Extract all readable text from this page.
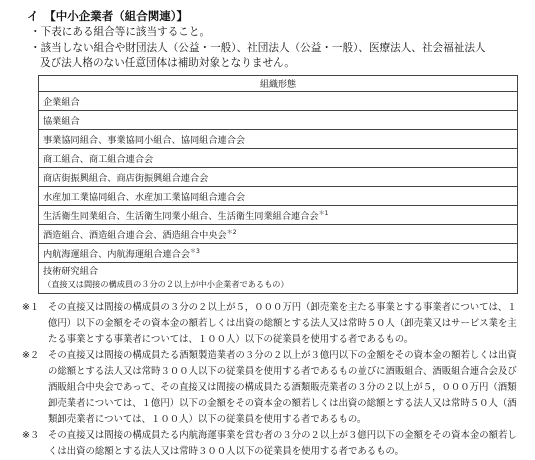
イ　【中小企業者（組合関連）】
・下表にある組合等に該当すること。
・該当しない組合や財団法人（公益・一般）、社団法人（公益・一般）、医療法人、社会福祉法人
及び法人格のない任意団体は補助対象となりません。
組織形態
企業組合
協業組合
事業協同組合、事業協同小組合、協同組合連合会
商工組合、商工組合連合会
商店街振興組合、商店街振興組合連合会
水産加工業協同組合、水産加工業協同組合連合会
生活衛生同業組合、生活衛生同業小組合、生活衛生同業組合連合会$^{*1}$
酒造組合、酒造組合連合会、酒造組合中央会$^{*2}$
内航海運組合、内航海運組合連合会$^{*3}$
技術研究組合
（直接又は間接の構成員の３分の２以上が中小企業者であるもの）
※１ その直接又は間接の構成員の３分の２以上が５，０００万円（卸売業を主たる事業とする事業者については、１億円）以下の金額をその資本金の額若しくは出資の総額とする法人又は常時５０人（卸売業又はサービス業を主たる事業とする事業者については、１００人）以下の従業員を使用する者であるもの。
※２ その直接又は間接の構成員たる酒類製造業者の３分の２以上が３億円以下の金額をその資本金の額若しくは出資の総額とする法人又は常時３００人以下の従業員を使用する者であるもの並びに酒販組合、酒販組合連合会及び酒販組合中央会であって、その直接又は間接の構成員たる酒類販売業者の３分の２以上が５，０００万円（酒類卸売業者については、１億円）以下の金額をその資本金の額若しくは出資の総額とする法人又は常時５０人（酒類卸売業者については、１００人）以下の従業員を使用する者であるもの。
※３ その直接又は間接の構成員たる内航海運事業を営む者の３分の２以上が３億円以下の金額をその資本金の額若しくは出資の総額とする法人又は常時３００人以下の従業員を使用する者であるもの。
